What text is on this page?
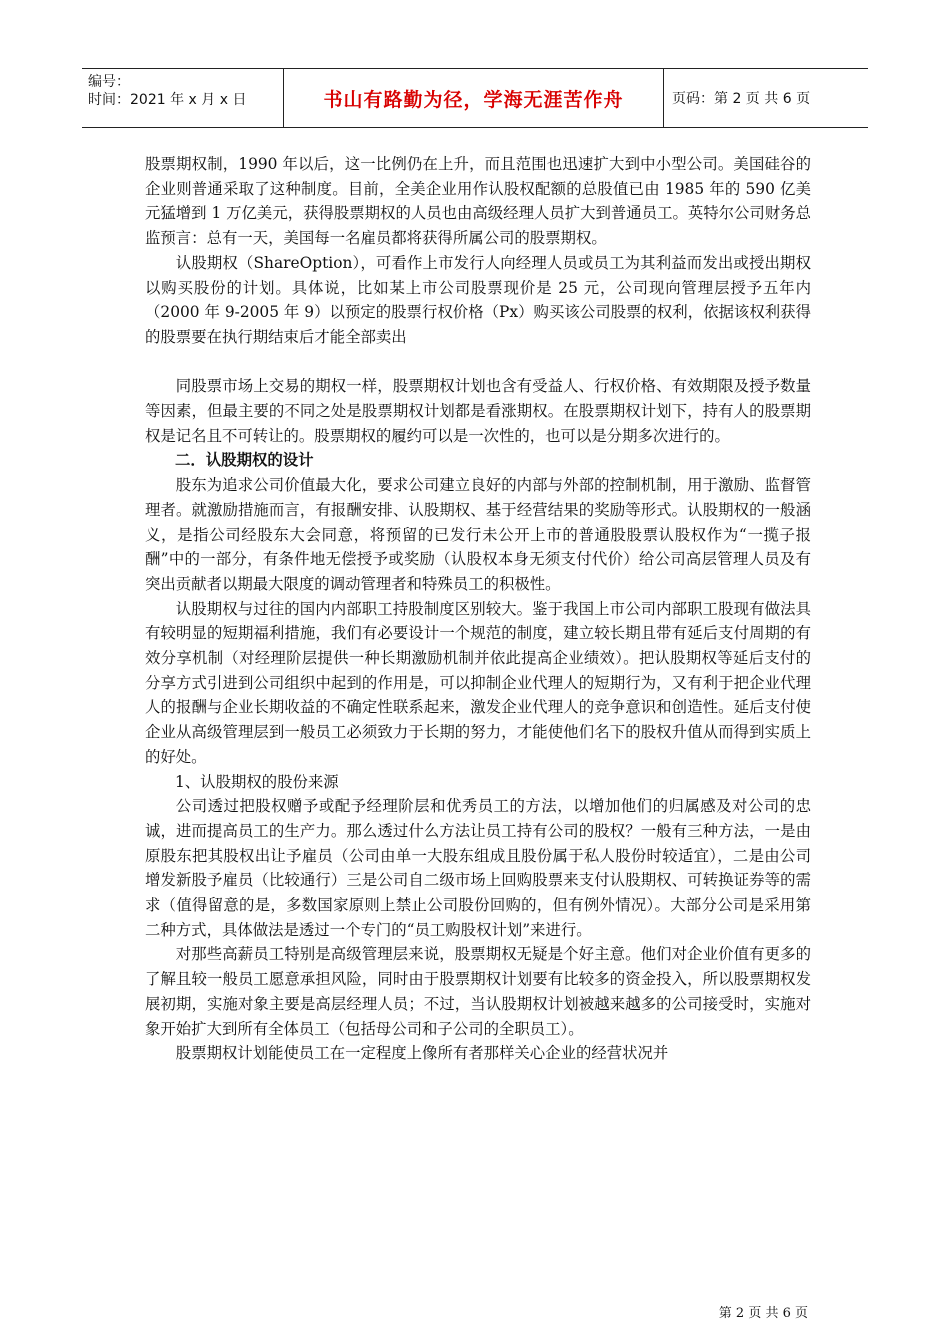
编号：
时间：2021 年 x 月 x 日	书山有路勤为径，学海无涯苦作舟	页码：第 2 页 共 6 页

股票期权制，1990 年以后，这一比例仍在上升，而且范围也迅速扩大到中小型公司。美国硅谷的企业则普通采取了这种制度。目前，全美企业用作认股权配额的总股值已由 1985 年的 590 亿美元猛增到 1 万亿美元，获得股票期权的人员也由高级经理人员扩大到普通员工。英特尔公司财务总监预言：总有一天，美国每一名雇员都将获得所属公司的股票期权。

认股期权（ShareOption），可看作上市发行人向经理人员或员工为其利益而发出或授出期权以购买股份的计划。具体说，比如某上市公司股票现价是 25 元，公司现向管理层授予五年内（2000 年 9-2005 年 9）以预定的股票行权价格（Px）购买该公司股票的权利，依据该权利获得的股票要在执行期结束后才能全部卖出

同股票市场上交易的期权一样，股票期权计划也含有受益人、行权价格、有效期限及授予数量等因素，但最主要的不同之处是股票期权计划都是看涨期权。在股票期权计划下，持有人的股票期权是记名且不可转让的。股票期权的履约可以是一次性的，也可以是分期多次进行的。

二．认股期权的设计

股东为追求公司价值最大化，要求公司建立良好的内部与外部的控制机制，用于激励、监督管理者。就激励措施而言，有报酬安排、认股期权、基于经营结果的奖励等形式。认股期权的一般涵义，是指公司经股东大会同意，将预留的已发行未公开上市的普通股股票认股权作为“一揽子报酬”中的一部分，有条件地无偿授予或奖励（认股权本身无须支付代价）给公司高层管理人员及有突出贡献者以期最大限度的调动管理者和特殊员工的积极性。

认股期权与过往的国内内部职工持股制度区别较大。鉴于我国上市公司内部职工股现有做法具有较明显的短期福利措施，我们有必要设计一个规范的制度，建立较长期且带有延后支付周期的有效分享机制（对经理阶层提供一种长期激励机制并依此提高企业绩效）。把认股期权等延后支付的分享方式引进到公司组织中起到的作用是，可以抑制企业代理人的短期行为，又有利于把企业代理人的报酬与企业长期收益的不确定性联系起来，激发企业代理人的竞争意识和创造性。延后支付使企业从高级管理层到一般员工必须致力于长期的努力，才能使他们名下的股权升值从而得到实质上的好处。

1、认股期权的股份来源

公司透过把股权赠予或配予经理阶层和优秀员工的方法，以增加他们的归属感及对公司的忠诚，进而提高员工的生产力。那么透过什么方法让员工持有公司的股权？一般有三种方法，一是由原股东把其股权出让予雇员（公司由单一大股东组成且股份属于私人股份时较适宜），二是由公司增发新股予雇员（比较通行）三是公司自二级市场上回购股票来支付认股期权、可转换证券等的需求（值得留意的是，多数国家原则上禁止公司股份回购的，但有例外情况）。大部分公司是采用第二种方式，具体做法是透过一个专门的“员工购股权计划”来进行。

对那些高薪员工特别是高级管理层来说，股票期权无疑是个好主意。他们对企业价值有更多的了解且较一般员工愿意承担风险，同时由于股票期权计划要有比较多的资金投入，所以股票期权发展初期，实施对象主要是高层经理人员；不过，当认股期权计划被越来越多的公司接受时，实施对象开始扩大到所有全体员工（包括母公司和子公司的全职员工）。

股票期权计划能使员工在一定程度上像所有者那样关心企业的经营状况并

第 2 页 共 6 页
